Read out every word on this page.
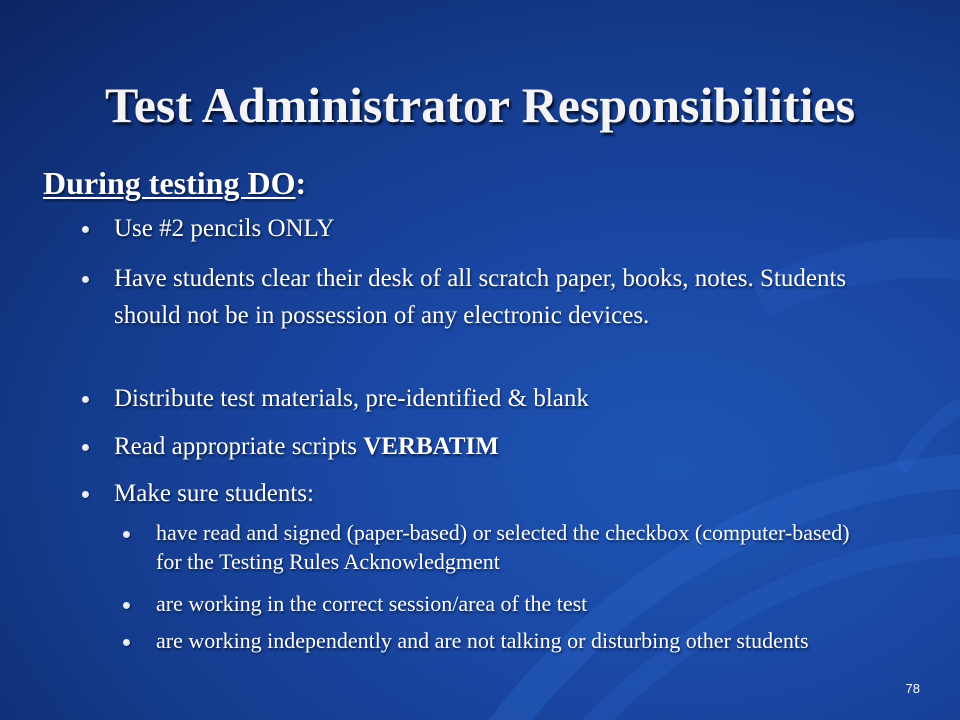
Test Administrator Responsibilities
During testing DO:
Use #2 pencils ONLY
Have students clear their desk of all scratch paper, books, notes. Students should not be in possession of any electronic devices.
Distribute test materials, pre-identified & blank
Read appropriate scripts VERBATIM
Make sure students:
have read and signed (paper-based) or selected the checkbox (computer-based) for the Testing Rules Acknowledgment
are working in the correct session/area of the test
are working independently and are not talking or disturbing other students
78
